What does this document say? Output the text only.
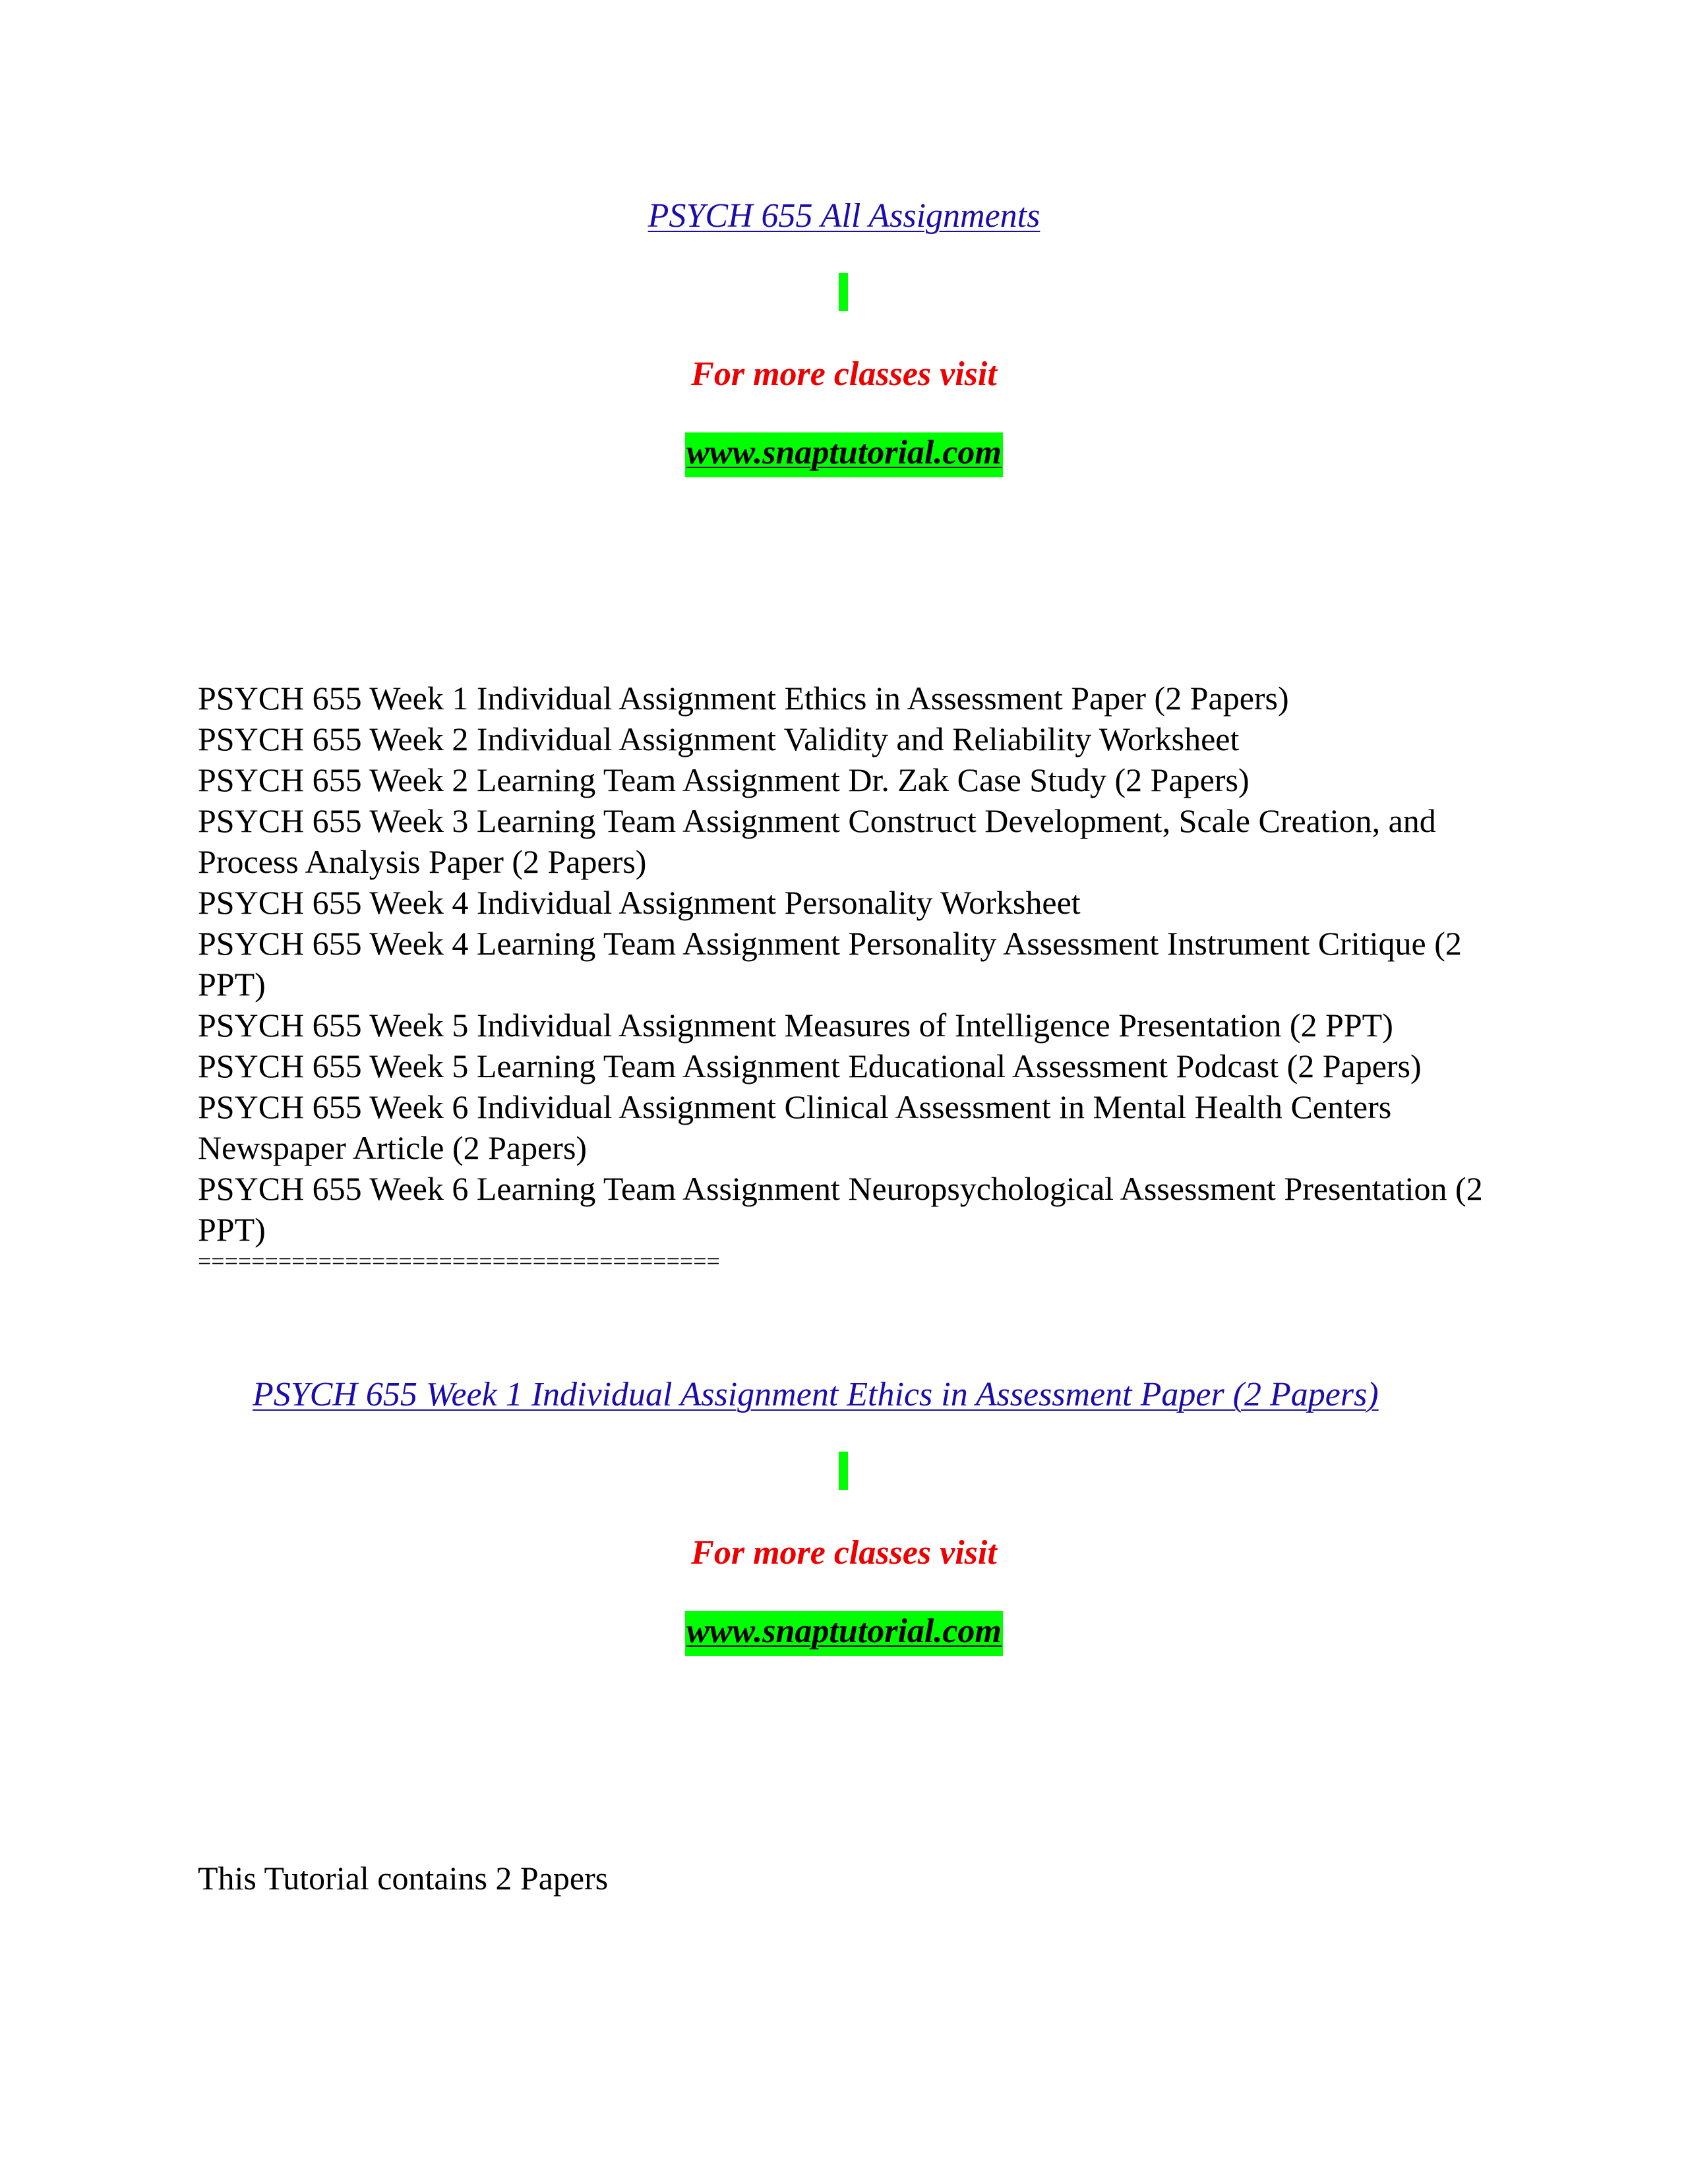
PSYCH 655 All Assignments
For more classes visit
www.snaptutorial.com
PSYCH 655 Week 1 Individual Assignment Ethics in Assessment Paper (2 Papers)
PSYCH 655 Week 2 Individual Assignment Validity and Reliability Worksheet
PSYCH 655 Week 2 Learning Team Assignment Dr. Zak Case Study (2 Papers)
PSYCH 655 Week 3 Learning Team Assignment Construct Development, Scale Creation, and Process Analysis Paper (2 Papers)
PSYCH 655 Week 4 Individual Assignment Personality Worksheet
PSYCH 655 Week 4 Learning Team Assignment Personality Assessment Instrument Critique (2 PPT)
PSYCH 655 Week 5 Individual Assignment Measures of Intelligence Presentation (2 PPT)
PSYCH 655 Week 5 Learning Team Assignment Educational Assessment Podcast (2 Papers)
PSYCH 655 Week 6 Individual Assignment Clinical Assessment in Mental Health Centers Newspaper Article (2 Papers)
PSYCH 655 Week 6 Learning Team Assignment Neuropsychological Assessment Presentation (2 PPT)
=======================================
PSYCH 655 Week 1 Individual Assignment Ethics in Assessment Paper (2 Papers)
For more classes visit
www.snaptutorial.com
This Tutorial contains 2 Papers
